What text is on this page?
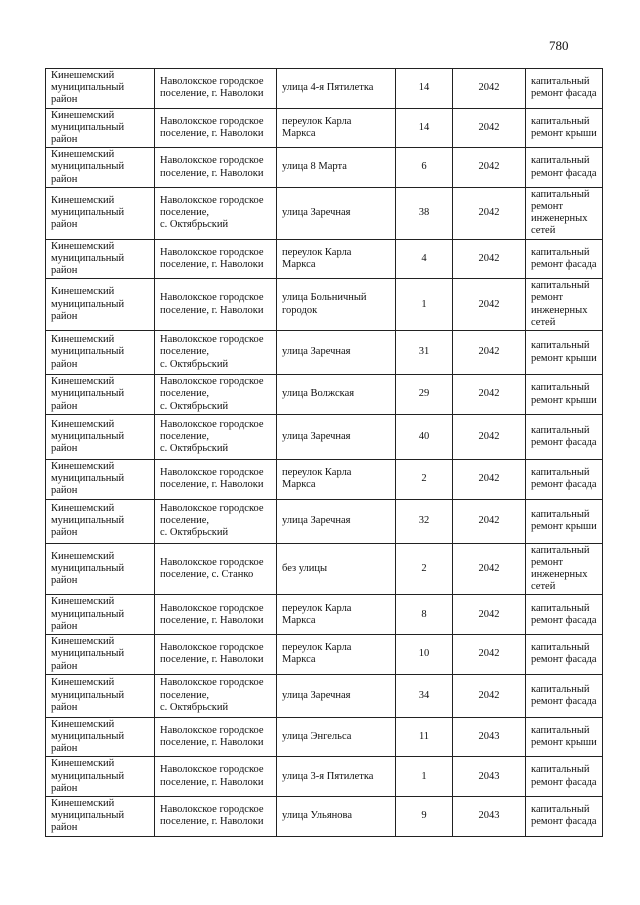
780
Кинешемский
муниципальный
район	Наволокское городское
поселение, г. Наволоки	улица 4-я Пятилетка	14	2042	капитальный
ремонт фасада
Кинешемский
муниципальный
район	Наволокское городское
поселение, г. Наволоки	переулок Карла
Маркса	14	2042	капитальный
ремонт крыши
Кинешемский
муниципальный
район	Наволокское городское
поселение, г. Наволоки	улица 8 Марта	6	2042	капитальный
ремонт фасада
Кинешемский
муниципальный
район	Наволокское городское
поселение,
с. Октябрьский	улица Заречная	38	2042	капитальный
ремонт
инженерных
сетей
Кинешемский
муниципальный
район	Наволокское городское
поселение, г. Наволоки	переулок Карла
Маркса	4	2042	капитальный
ремонт фасада
Кинешемский
муниципальный
район	Наволокское городское
поселение, г. Наволоки	улица Больничный
городок	1	2042	капитальный
ремонт
инженерных
сетей
Кинешемский
муниципальный
район	Наволокское городское
поселение,
с. Октябрьский	улица Заречная	31	2042	капитальный
ремонт крыши
Кинешемский
муниципальный
район	Наволокское городское
поселение,
с. Октябрьский	улица Волжская	29	2042	капитальный
ремонт крыши
Кинешемский
муниципальный
район	Наволокское городское
поселение,
с. Октябрьский	улица Заречная	40	2042	капитальный
ремонт фасада
Кинешемский
муниципальный
район	Наволокское городское
поселение, г. Наволоки	переулок Карла
Маркса	2	2042	капитальный
ремонт фасада
Кинешемский
муниципальный
район	Наволокское городское
поселение,
с. Октябрьский	улица Заречная	32	2042	капитальный
ремонт крыши
Кинешемский
муниципальный
район	Наволокское городское
поселение, с. Станко	без улицы	2	2042	капитальный
ремонт
инженерных
сетей
Кинешемский
муниципальный
район	Наволокское городское
поселение, г. Наволоки	переулок Карла
Маркса	8	2042	капитальный
ремонт фасада
Кинешемский
муниципальный
район	Наволокское городское
поселение, г. Наволоки	переулок Карла
Маркса	10	2042	капитальный
ремонт фасада
Кинешемский
муниципальный
район	Наволокское городское
поселение,
с. Октябрьский	улица Заречная	34	2042	капитальный
ремонт фасада
Кинешемский
муниципальный
район	Наволокское городское
поселение, г. Наволоки	улица Энгельса	11	2043	капитальный
ремонт крыши
Кинешемский
муниципальный
район	Наволокское городское
поселение, г. Наволоки	улица 3-я Пятилетка	1	2043	капитальный
ремонт фасада
Кинешемский
муниципальный
район	Наволокское городское
поселение, г. Наволоки	улица Ульянова	9	2043	капитальный
ремонт фасада
